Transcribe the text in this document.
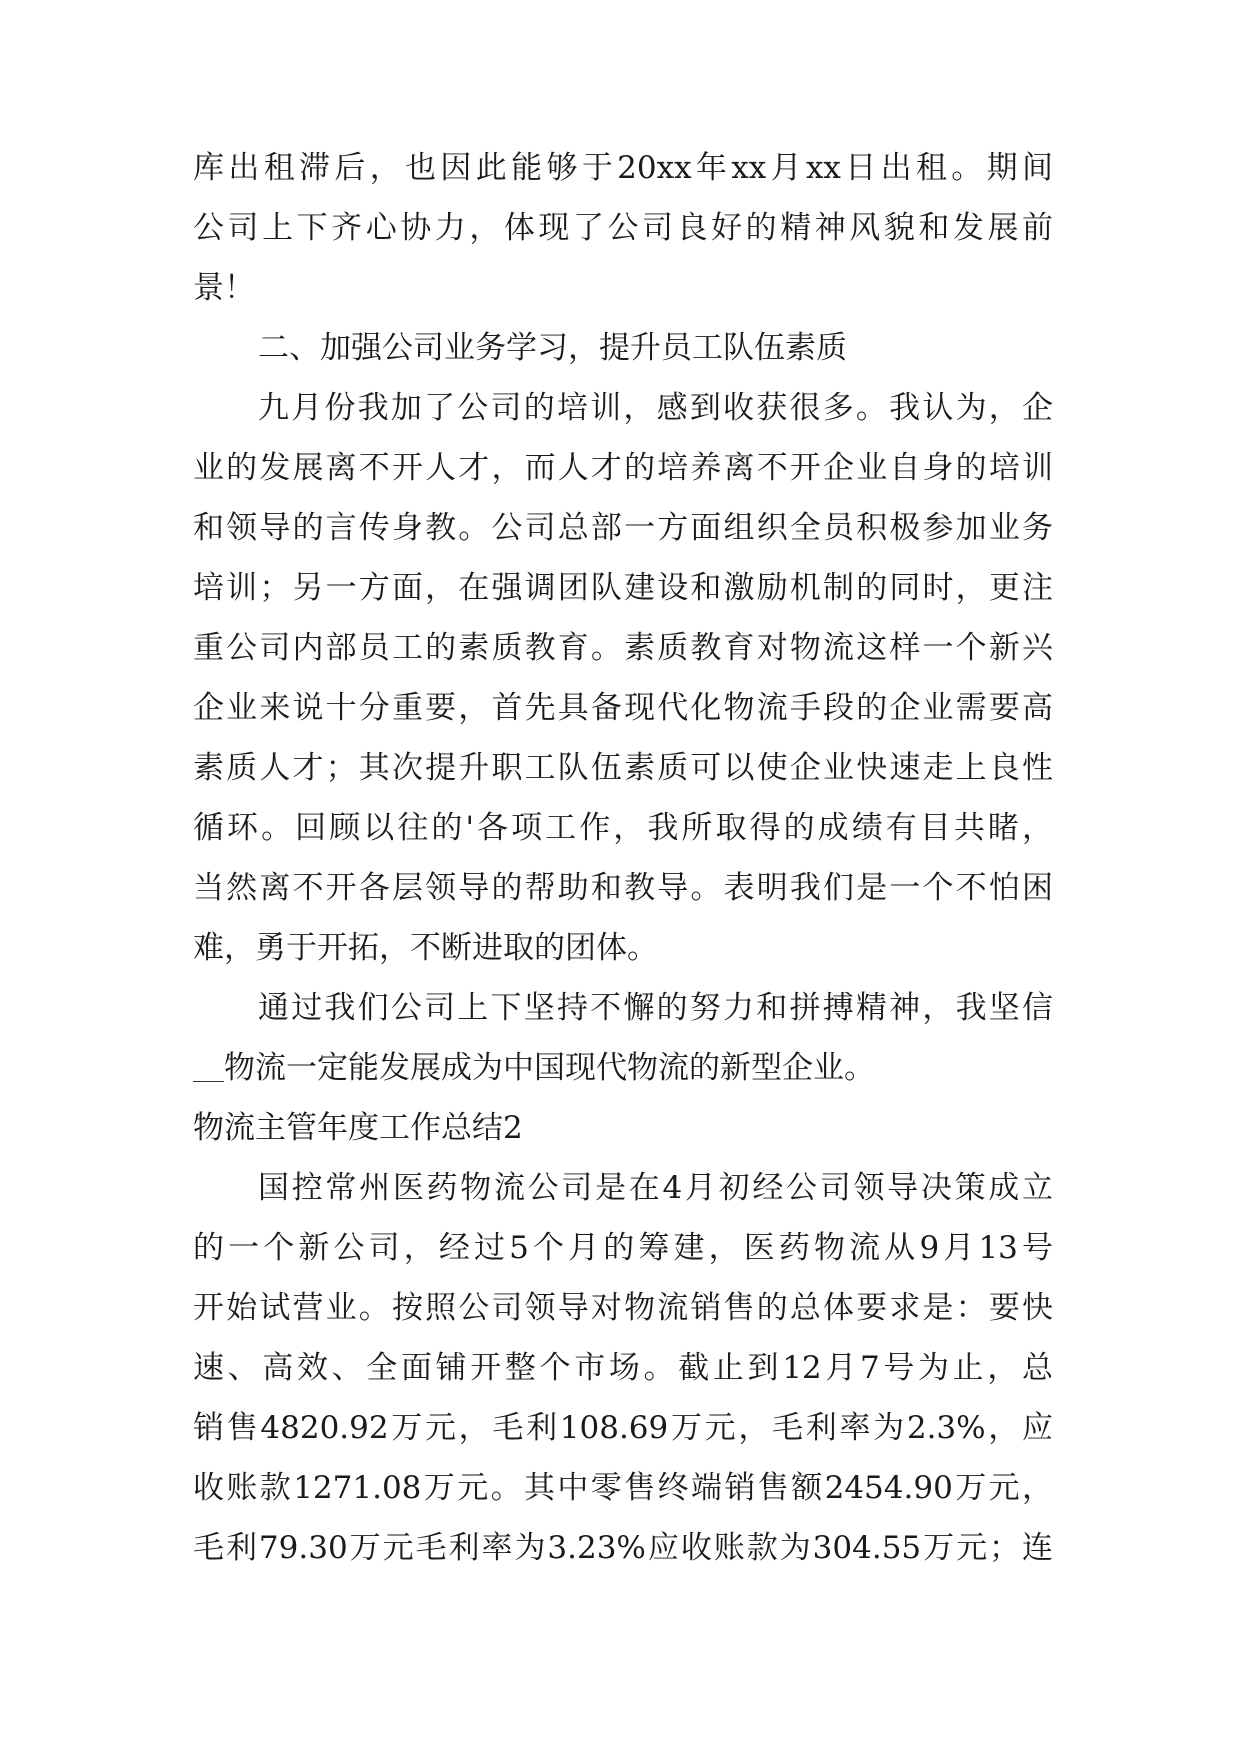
库出租滞后，也因此能够于20xx年xx月xx日出租。期间
公司上下齐心协力，体现了公司良好的精神风貌和发展前
景！
二、加强公司业务学习，提升员工队伍素质
九月份我加了公司的培训，感到收获很多。我认为，企
业的发展离不开人才，而人才的培养离不开企业自身的培训
和领导的言传身教。公司总部一方面组织全员积极参加业务
培训；另一方面，在强调团队建设和激励机制的同时，更注
重公司内部员工的素质教育。素质教育对物流这样一个新兴
企业来说十分重要，首先具备现代化物流手段的企业需要高
素质人才；其次提升职工队伍素质可以使企业快速走上良性
循环。回顾以往的'各项工作，我所取得的成绩有目共睹，
当然离不开各层领导的帮助和教导。表明我们是一个不怕困
难，勇于开拓，不断进取的团体。
通过我们公司上下坚持不懈的努力和拼搏精神，我坚信
物流一定能发展成为中国现代物流的新型企业。
物流主管年度工作总结2
国控常州医药物流公司是在4月初经公司领导决策成立
的一个新公司，经过5个月的筹建，医药物流从9月13号
开始试营业。按照公司领导对物流销售的总体要求是：要快
速、高效、全面铺开整个市场。截止到12月7号为止，总
销售4820.92万元，毛利108.69万元，毛利率为2.3%，应
收账款1271.08万元。其中零售终端销售额2454.90万元，
毛利79.30万元毛利率为3.23%应收账款为304.55万元；连
